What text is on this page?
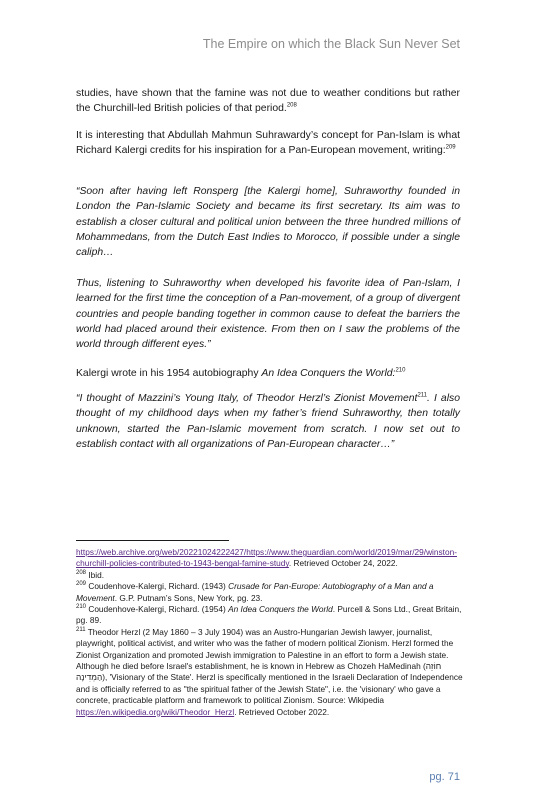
The Empire on which the Black Sun Never Set

studies, have shown that the famine was not due to weather conditions but rather the Churchill-led British policies of that period.$^{208}$

It is interesting that Abdullah Mahmun Suhrawardy’s concept for Pan-Islam is what Richard Kalergi credits for his inspiration for a Pan-European movement, writing:$^{209}$

“Soon after having left Ronsperg [the Kalergi home], Suhraworthy founded in London the Pan-Islamic Society and became its first secretary. Its aim was to establish a closer cultural and political union between the three hundred millions of Mohammedans, from the Dutch East Indies to Morocco, if possible under a single caliph…

Thus, listening to Suhraworthy when developed his favorite idea of Pan-Islam, I learned for the first time the conception of a Pan-movement, of a group of divergent countries and people banding together in common cause to defeat the barriers the world had placed around their existence. From then on I saw the problems of the world through different eyes.”

Kalergi wrote in his 1954 autobiography An Idea Conquers the World:$^{210}$

“I thought of Mazzini’s Young Italy, of Theodor Herzl’s Zionist Movement$^{211}$. I also thought of my childhood days when my father’s friend Suhraworthy, then totally unknown, started the Pan-Islamic movement from scratch. I now set out to establish contact with all organizations of Pan-European character…”

https://web.archive.org/web/20221024222427/https://www.theguardian.com/world/2019/mar/29/winston-churchill-policies-contributed-to-1943-bengal-famine-study. Retrieved October 24, 2022.

$^{208}$ Ibid.

$^{209}$ Coudenhove-Kalergi, Richard. (1943) Crusade for Pan-Europe: Autobiography of a Man and a Movement. G.P. Putnam’s Sons, New York, pg. 23.

$^{210}$ Coudenhove-Kalergi, Richard. (1954) An Idea Conquers the World. Purcell & Sons Ltd., Great Britain, pg. 89.

$^{211}$ Theodor Herzl (2 May 1860 – 3 July 1904) was an Austro-Hungarian Jewish lawyer, journalist, playwright, political activist, and writer who was the father of modern political Zionism. Herzl formed the Zionist Organization and promoted Jewish immigration to Palestine in an effort to form a Jewish state. Although he died before Israel's establishment, he is known in Hebrew as Chozeh HaMedinah (חוֹזֵה הַמְדִינָה), 'Visionary of the State'. Herzl is specifically mentioned in the Israeli Declaration of Independence and is officially referred to as "the spiritual father of the Jewish State", i.e. the 'visionary' who gave a concrete, practicable platform and framework to political Zionism. Source: Wikipedia https://en.wikipedia.org/wiki/Theodor_Herzl. Retrieved October 2022.

pg. 71
